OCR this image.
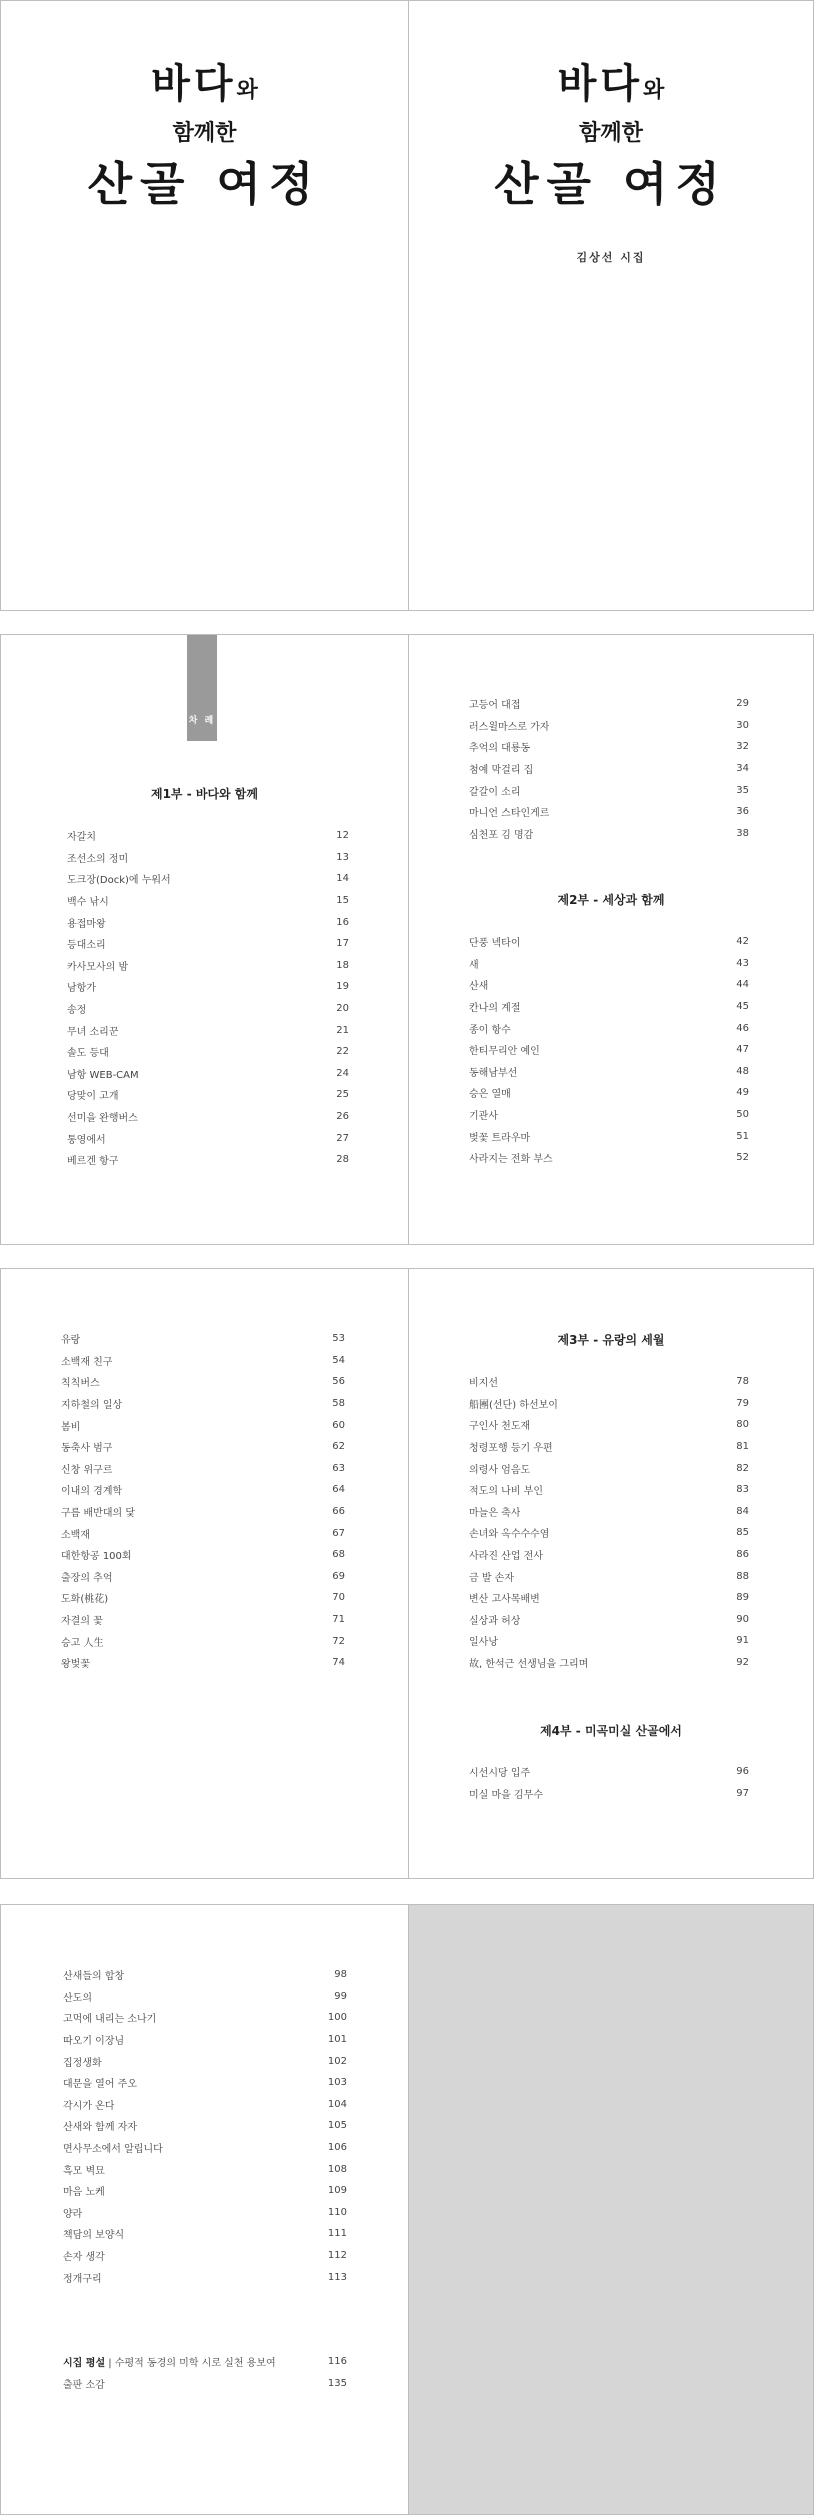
바다와
함께한
산골 여정
바다와
함께한
산골 여정
김상선 시집
차 례
제1부 - 바다와 함께
자갈치	12
조선소의 정미	13
도크장(Dock)에 누워서	14
백수 낚시	15
용접마왕	16
등대소리	17
카사모사의 밤	18
남항가	19
송정	20
무녀 소리꾼	21
솔도 등대	22
남항 WEB-CAM	24
당맞이 고개	25
선미을 완행버스	26
통영에서	27
베르겐 항구	28
고등어 대접	29
러스윌마스로 가자	30
추억의 대룡동	32
첨예 막걸리 집	34
갈갈이 소리	35
마니언 스타인게르	36
심천포 김 명감	38
제2부 - 세상과 함께
단풍 넥타이	42
새	43
산새	44
칸나의 계절	45
종이 항수	46
한티무리안 예인	47
동해남부선	48
승은 열매	49
기관사	50
벚꽃 트라우마	51
사라지는 전화 부스	52
유랑	53
소백재 친구	54
칙칙버스	56
지하철의 일상	58
봄비	60
동축사 범구	62
신창 위구르	63
이내의 경계학	64
구름 배반대의 닻	66
소백재	67
대한항공 100회	68
출장의 추억	69
도화(桃花)	70
자결의 꽃	71
승고 人生	72
왕벚꽃	74
제3부 - 유랑의 세월
비지선	78
船團(선단) 하선보이	79
구인사 천도재	80
청령포행 등기 우편	81
의령사 엄음도	82
적도의 나비 부인	83
마늘은 축사	84
손녀와 옥수수수염	85
사라진 산업 전사	86
금 발 손자	88
변산 고사목배변	89
실상과 허상	90
일사낭	91
故, 한석근 선생님을 그리며	92
제4부 - 미곡미실 산골에서
시선시당 입주	96
미실 마을 김무수	97
산새들의 합창	98
산도의	99
고먹에 내리는 소나기	100
따오기 이장님	101
집정생화	102
대문을 열어 주오	103
각시가 온다	104
산새와 함께 자자	105
면사무소에서 알립니다	106
흑모 벽묘	108
마음 노케	109
양라	110
책담의 보양식	111
손자 생각	112
정개구리	113
시집 평설 | 수평적 동경의 미학 시로 실천 용보여	116
출판 소감	135
